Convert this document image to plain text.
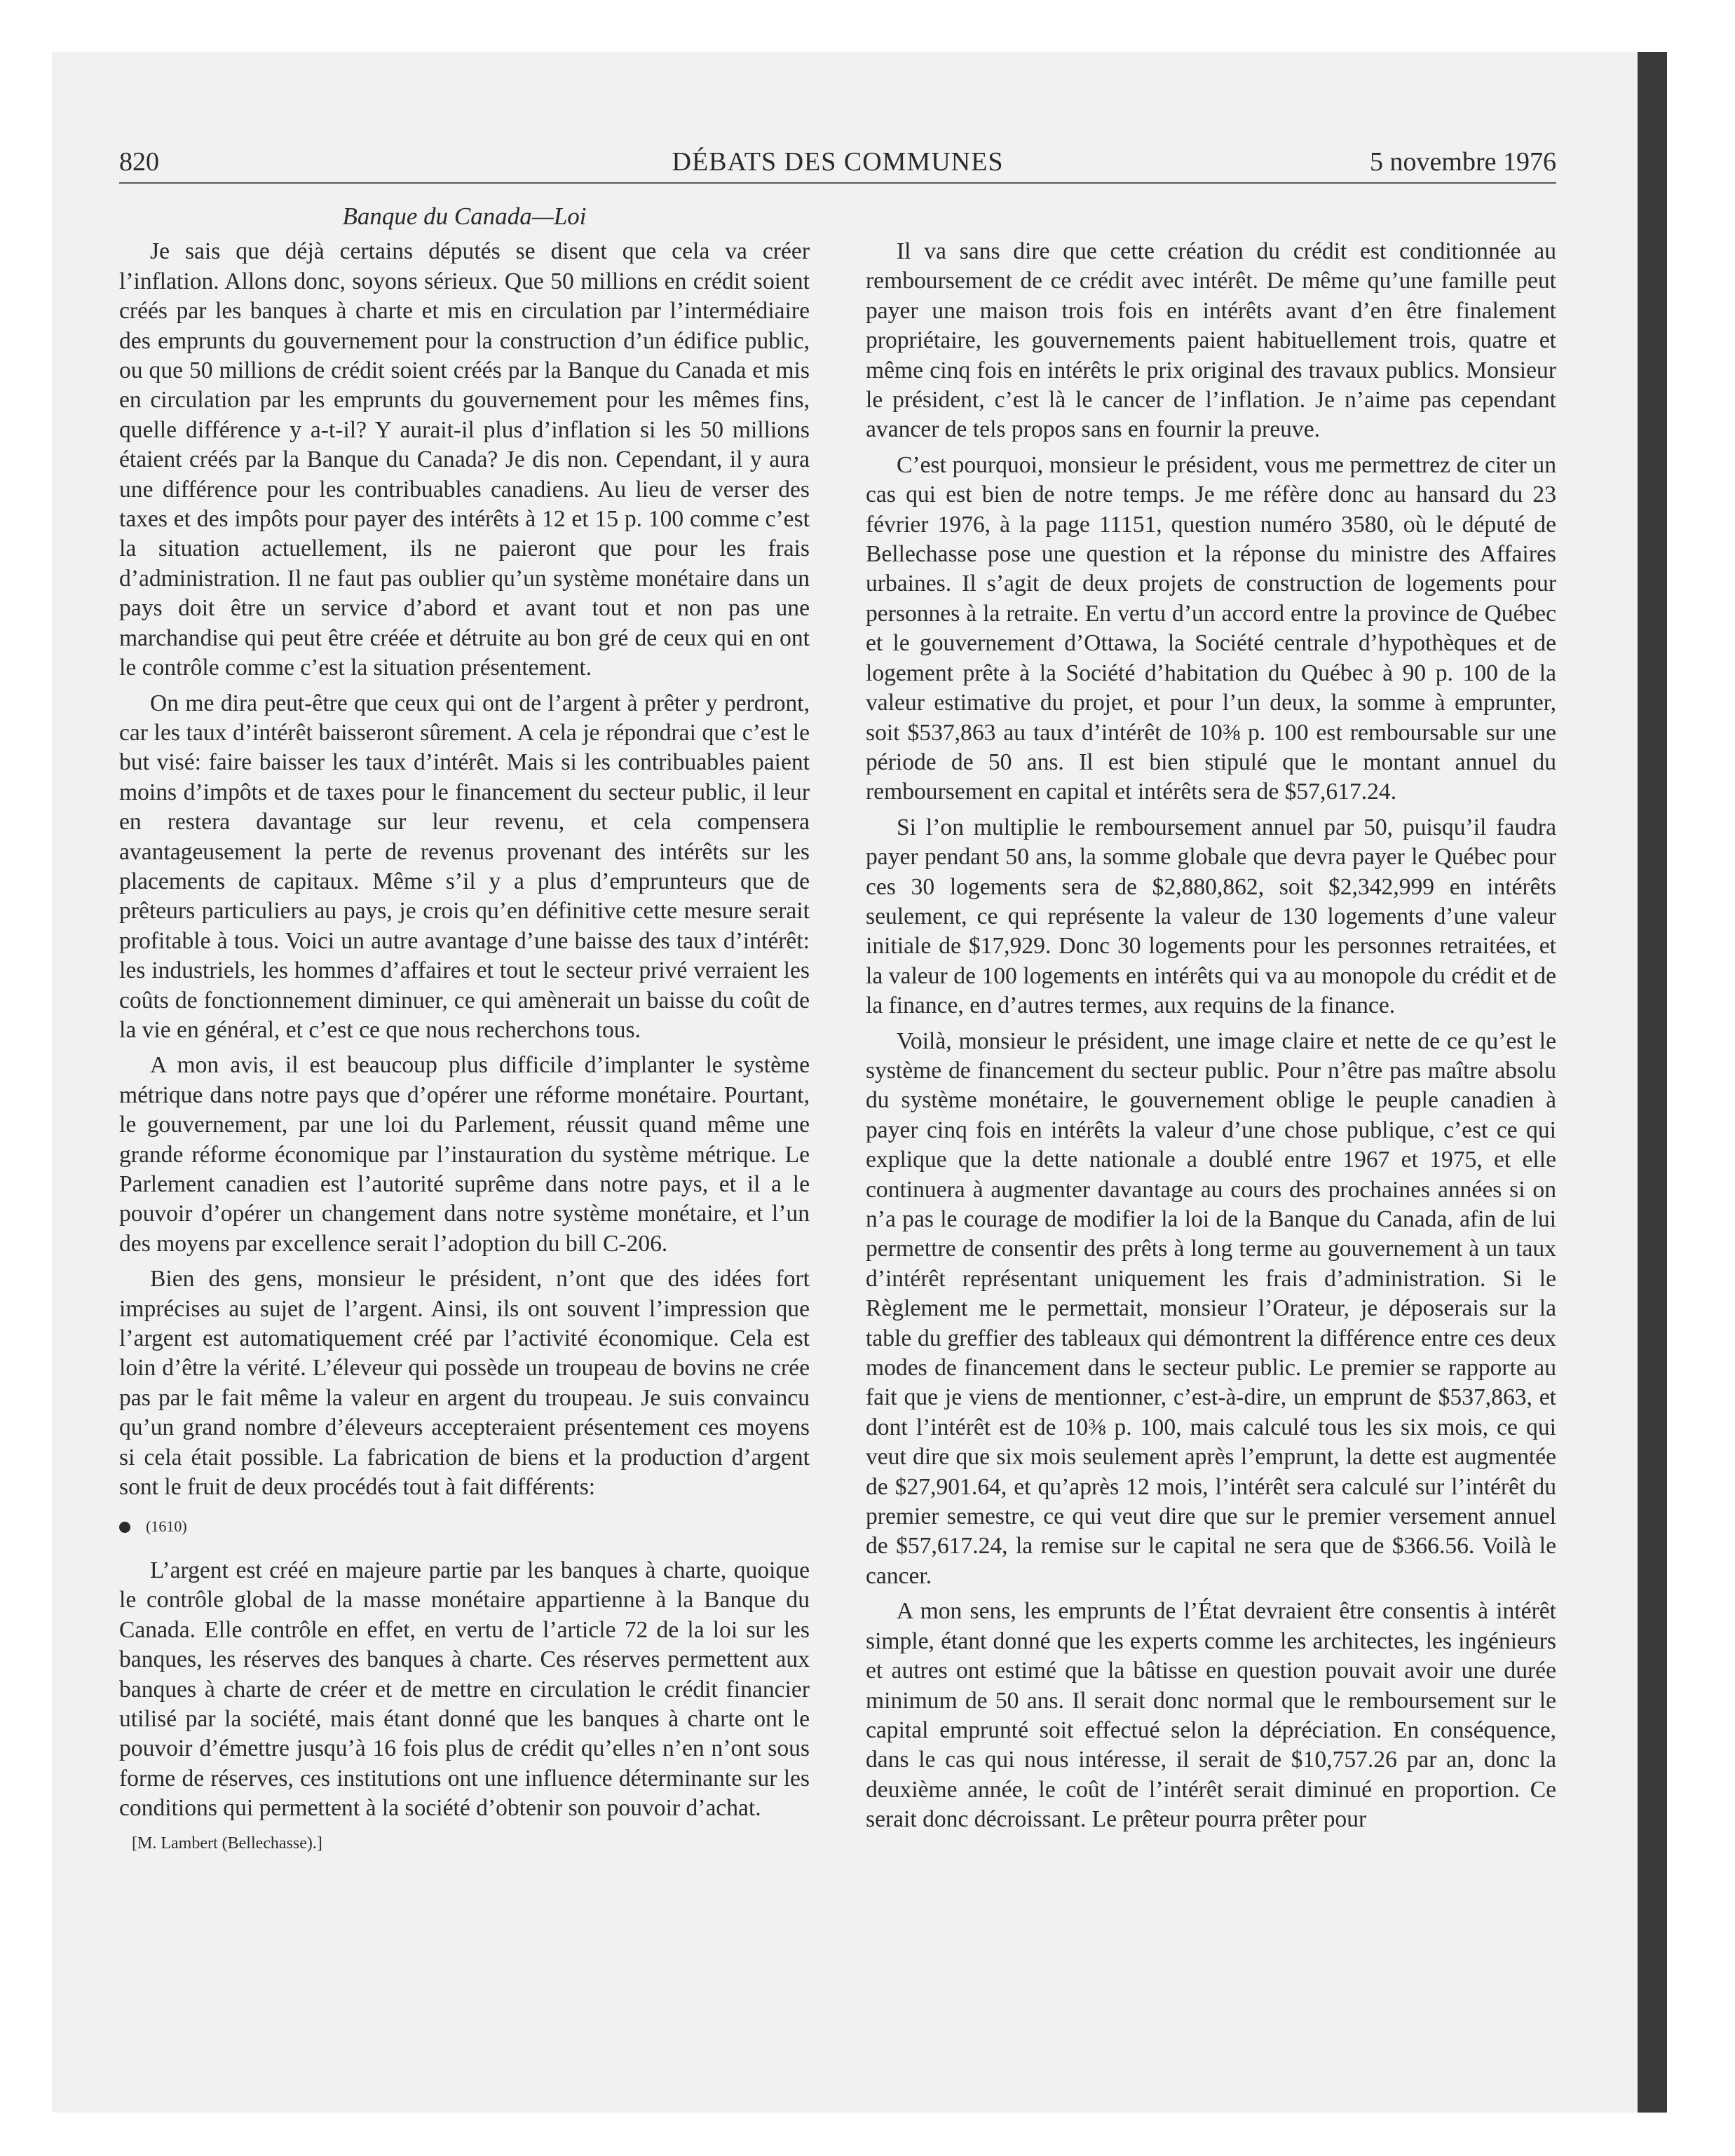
820	DÉBATS DES COMMUNES	5 novembre 1976
Banque du Canada—Loi

Je sais que déjà certains députés se disent que cela va créer l’inflation. Allons donc, soyons sérieux. Que 50 millions en crédit soient créés par les banques à charte et mis en circulation par l’intermédiaire des emprunts du gouvernement pour la construction d’un édifice public, ou que 50 millions de crédit soient créés par la Banque du Canada et mis en circulation par les emprunts du gouvernement pour les mêmes fins, quelle différence y a-t-il? Y aurait-il plus d’inflation si les 50 millions étaient créés par la Banque du Canada? Je dis non. Cependant, il y aura une différence pour les contribuables canadiens. Au lieu de verser des taxes et des impôts pour payer des intérêts à 12 et 15 p. 100 comme c’est la situation actuellement, ils ne paieront que pour les frais d’administration. Il ne faut pas oublier qu’un système monétaire dans un pays doit être un service d’abord et avant tout et non pas une marchandise qui peut être créée et détruite au bon gré de ceux qui en ont le contrôle comme c’est la situation présentement.

On me dira peut-être que ceux qui ont de l’argent à prêter y perdront, car les taux d’intérêt baisseront sûrement. A cela je répondrai que c’est le but visé: faire baisser les taux d’intérêt. Mais si les contribuables paient moins d’impôts et de taxes pour le financement du secteur public, il leur en restera davantage sur leur revenu, et cela compensera avantageusement la perte de revenus provenant des intérêts sur les placements de capitaux. Même s’il y a plus d’emprunteurs que de prêteurs particuliers au pays, je crois qu’en définitive cette mesure serait profitable à tous. Voici un autre avantage d’une baisse des taux d’intérêt: les industriels, les hommes d’affaires et tout le secteur privé verraient les coûts de fonctionnement diminuer, ce qui amènerait un baisse du coût de la vie en général, et c’est ce que nous recherchons tous.

A mon avis, il est beaucoup plus difficile d’implanter le système métrique dans notre pays que d’opérer une réforme monétaire. Pourtant, le gouvernement, par une loi du Parlement, réussit quand même une grande réforme économique par l’instauration du système métrique. Le Parlement canadien est l’autorité suprême dans notre pays, et il a le pouvoir d’opérer un changement dans notre système monétaire, et l’un des moyens par excellence serait l’adoption du bill C-206.

Bien des gens, monsieur le président, n’ont que des idées fort imprécises au sujet de l’argent. Ainsi, ils ont souvent l’impression que l’argent est automatiquement créé par l’activité économique. Cela est loin d’être la vérité. L’éleveur qui possède un troupeau de bovins ne crée pas par le fait même la valeur en argent du troupeau. Je suis convaincu qu’un grand nombre d’éleveurs accepteraient présentement ces moyens si cela était possible. La fabrication de biens et la production d’argent sont le fruit de deux procédés tout à fait différents:

(1610)

L’argent est créé en majeure partie par les banques à charte, quoique le contrôle global de la masse monétaire appartienne à la Banque du Canada. Elle contrôle en effet, en vertu de l’article 72 de la loi sur les banques, les réserves des banques à charte. Ces réserves permettent aux banques à charte de créer et de mettre en circulation le crédit financier utilisé par la société, mais étant donné que les banques à charte ont le pouvoir d’émettre jusqu’à 16 fois plus de crédit qu’elles n’en n’ont sous forme de réserves, ces institutions ont une influence déterminante sur les conditions qui permettent à la société d’obtenir son pouvoir d’achat.

[M. Lambert (Bellechasse).]

Il va sans dire que cette création du crédit est conditionnée au remboursement de ce crédit avec intérêt. De même qu’une famille peut payer une maison trois fois en intérêts avant d’en être finalement propriétaire, les gouvernements paient habituellement trois, quatre et même cinq fois en intérêts le prix original des travaux publics. Monsieur le président, c’est là le cancer de l’inflation. Je n’aime pas cependant avancer de tels propos sans en fournir la preuve.

C’est pourquoi, monsieur le président, vous me permettrez de citer un cas qui est bien de notre temps. Je me réfère donc au hansard du 23 février 1976, à la page 11151, question numéro 3580, où le député de Bellechasse pose une question et la réponse du ministre des Affaires urbaines. Il s’agit de deux projets de construction de logements pour personnes à la retraite. En vertu d’un accord entre la province de Québec et le gouvernement d’Ottawa, la Société centrale d’hypothèques et de logement prête à la Société d’habitation du Québec à 90 p. 100 de la valeur estimative du projet, et pour l’un deux, la somme à emprunter, soit $537,863 au taux d’intérêt de 10⅜ p. 100 est remboursable sur une période de 50 ans. Il est bien stipulé que le montant annuel du remboursement en capital et intérêts sera de $57,617.24.

Si l’on multiplie le remboursement annuel par 50, puisqu’il faudra payer pendant 50 ans, la somme globale que devra payer le Québec pour ces 30 logements sera de $2,880,862, soit $2,342,999 en intérêts seulement, ce qui représente la valeur de 130 logements d’une valeur initiale de $17,929. Donc 30 logements pour les personnes retraitées, et la valeur de 100 logements en intérêts qui va au monopole du crédit et de la finance, en d’autres termes, aux requins de la finance.

Voilà, monsieur le président, une image claire et nette de ce qu’est le système de financement du secteur public. Pour n’être pas maître absolu du système monétaire, le gouvernement oblige le peuple canadien à payer cinq fois en intérêts la valeur d’une chose publique, c’est ce qui explique que la dette nationale a doublé entre 1967 et 1975, et elle continuera à augmenter davantage au cours des prochaines années si on n’a pas le courage de modifier la loi de la Banque du Canada, afin de lui permettre de consentir des prêts à long terme au gouvernement à un taux d’intérêt représentant uniquement les frais d’administration. Si le Règlement me le permettait, monsieur l’Orateur, je déposerais sur la table du greffier des tableaux qui démontrent la différence entre ces deux modes de financement dans le secteur public. Le premier se rapporte au fait que je viens de mentionner, c’est-à-dire, un emprunt de $537,863, et dont l’intérêt est de 10⅜ p. 100, mais calculé tous les six mois, ce qui veut dire que six mois seulement après l’emprunt, la dette est augmentée de $27,901.64, et qu’après 12 mois, l’intérêt sera calculé sur l’intérêt du premier semestre, ce qui veut dire que sur le premier versement annuel de $57,617.24, la remise sur le capital ne sera que de $366.56. Voilà le cancer.

A mon sens, les emprunts de l’État devraient être consentis à intérêt simple, étant donné que les experts comme les architectes, les ingénieurs et autres ont estimé que la bâtisse en question pouvait avoir une durée minimum de 50 ans. Il serait donc normal que le remboursement sur le capital emprunté soit effectué selon la dépréciation. En conséquence, dans le cas qui nous intéresse, il serait de $10,757.26 par an, donc la deuxième année, le coût de l’intérêt serait diminué en proportion. Ce serait donc décroissant. Le prêteur pourra prêter pour
